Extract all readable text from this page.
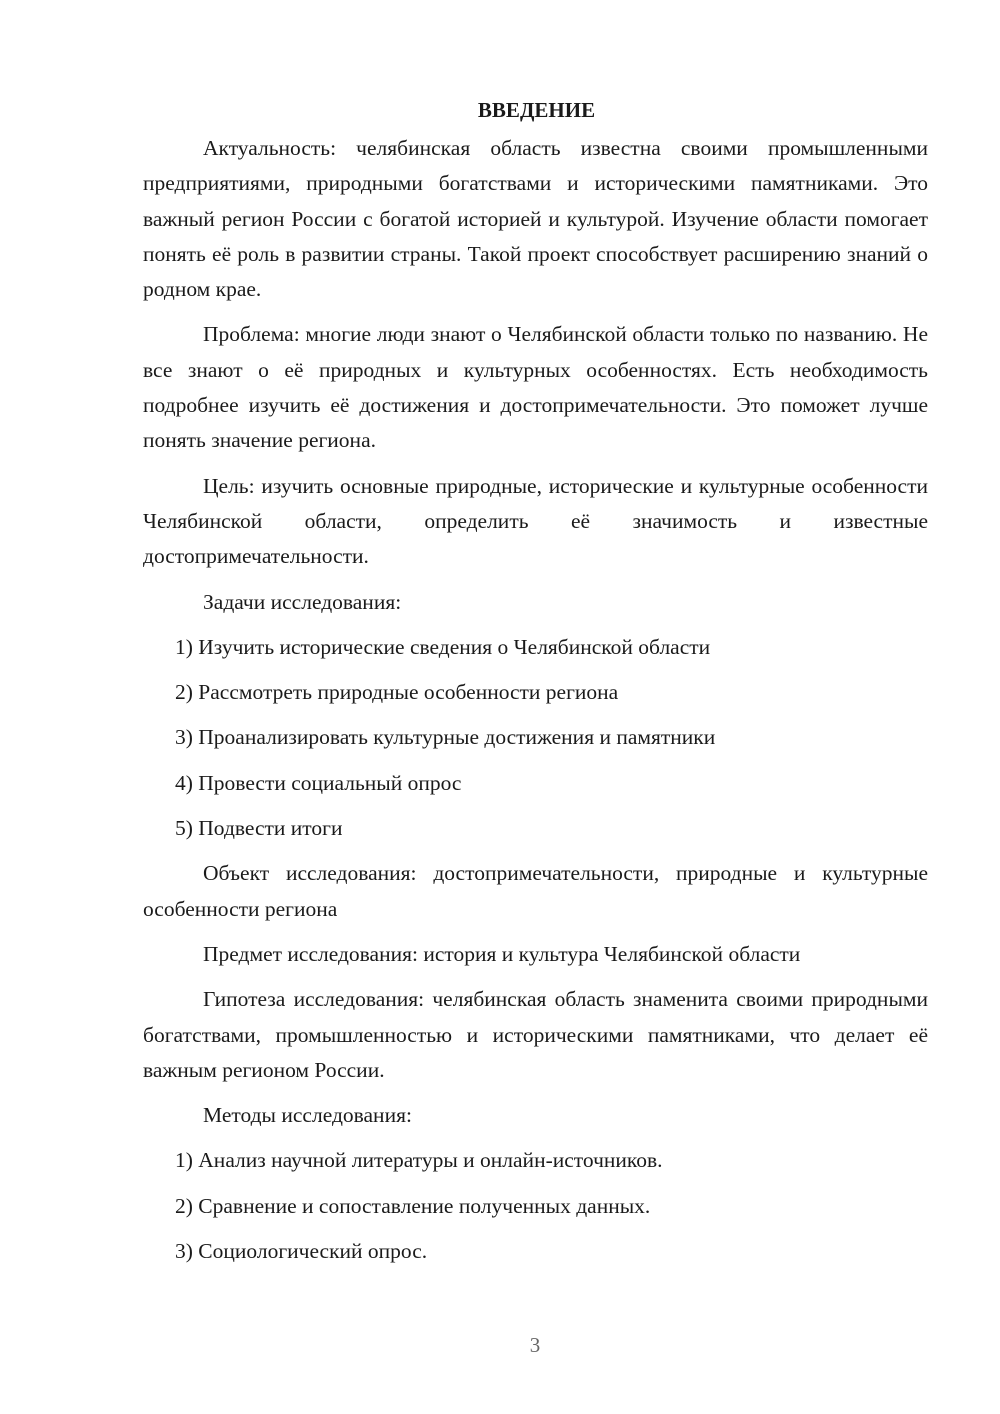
ВВЕДЕНИЕ

Актуальность: челябинская область известна своими промышленными предприятиями, природными богатствами и историческими памятниками. Это важный регион России с богатой историей и культурой. Изучение области помогает понять её роль в развитии страны. Такой проект способствует расширению знаний о родном крае.

Проблема: многие люди знают о Челябинской области только по названию. Не все знают о её природных и культурных особенностях. Есть необходимость подробнее изучить её достижения и достопримечательности. Это поможет лучше понять значение региона.

Цель: изучить основные природные, исторические и культурные особенности Челябинской области, определить её значимость и известные достопримечательности.

Задачи исследования:

1) Изучить исторические сведения о Челябинской области

2) Рассмотреть природные особенности региона

3) Проанализировать культурные достижения и памятники

4) Провести социальный опрос

5) Подвести итоги

Объект исследования: достопримечательности, природные и культурные особенности региона

Предмет исследования: история и культура Челябинской области

Гипотеза исследования: челябинская область знаменита своими природными богатствами, промышленностью и историческими памятниками, что делает её важным регионом России.

Методы исследования:

1) Анализ научной литературы и онлайн-источников.

2) Сравнение и сопоставление полученных данных.

3) Социологический опрос.

3
